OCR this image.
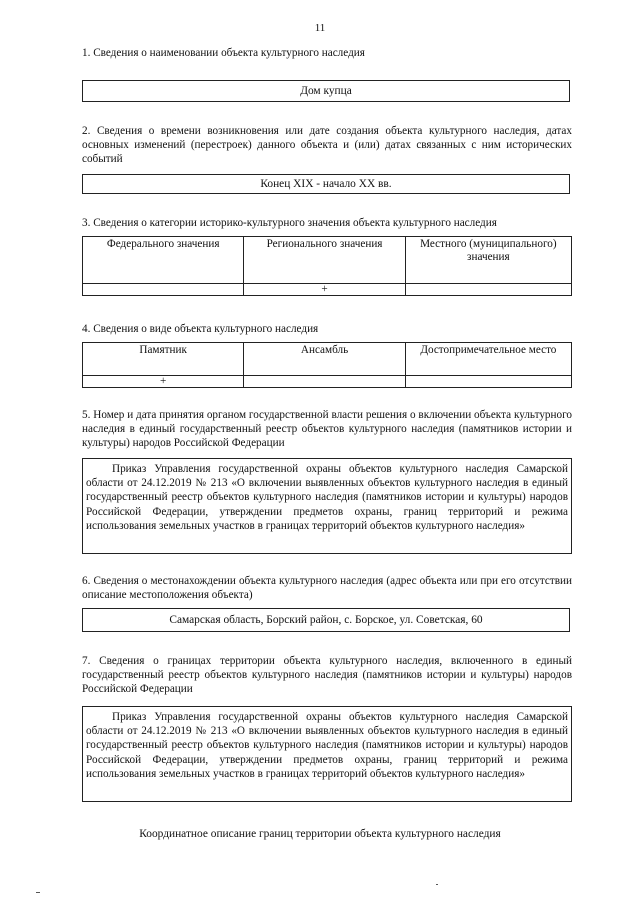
11
1. Сведения о наименовании объекта культурного наследия
Дом купца
2. Сведения о времени возникновения или дате создания объекта культурного наследия, датах основных изменений (перестроек) данного объекта и (или) датах связанных с ним исторических событий
Конец XIX - начало XX вв.
3. Сведения о категории историко-культурного значения объекта культурного наследия
Федерального значения	Регионального значения	Местного (муниципального) значения
	+	
4. Сведения о виде объекта культурного наследия
Памятник	Ансамбль	Достопримечательное место
+		
5. Номер и дата принятия органом государственной власти решения о включении объекта культурного наследия в единый государственный реестр объектов культурного наследия (памятников истории и культуры) народов Российской Федерации
Приказ Управления государственной охраны объектов культурного наследия Самарской области от 24.12.2019 № 213 «О включении выявленных объектов культурного наследия в единый государственный реестр объектов культурного наследия (памятников истории и культуры) народов Российской Федерации, утверждении предметов охраны, границ территорий и режима использования земельных участков в границах территорий объектов культурного наследия»
6. Сведения о местонахождении объекта культурного наследия (адрес объекта или при его отсутствии описание местоположения объекта)
Самарская область, Борский район, с. Борское, ул. Советская, 60
7. Сведения о границах территории объекта культурного наследия, включенного в единый государственный реестр объектов культурного наследия (памятников истории и культуры) народов Российской Федерации
Приказ Управления государственной охраны объектов культурного наследия Самарской области от 24.12.2019 № 213 «О включении выявленных объектов культурного наследия в единый государственный реестр объектов культурного наследия (памятников истории и культуры) народов Российской Федерации, утверждении предметов охраны, границ территорий и режима использования земельных участков в границах территорий объектов культурного наследия»
Координатное описание границ территории объекта культурного наследия
